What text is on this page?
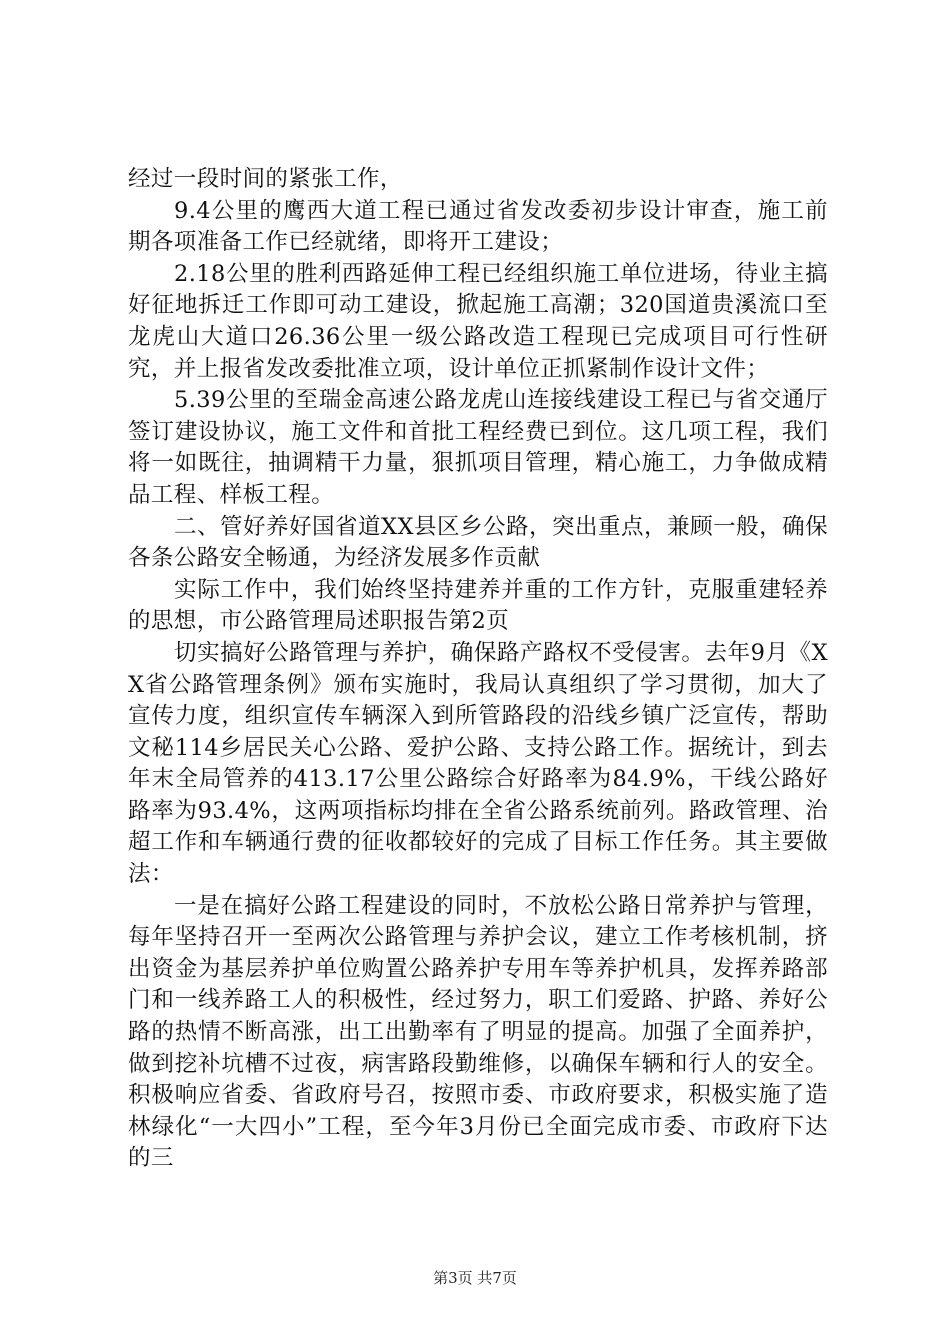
经过一段时间的紧张工作，

9.4公里的鹰西大道工程已通过省发改委初步设计审查，施工前期各项准备工作已经就绪，即将开工建设；

2.18公里的胜利西路延伸工程已经组织施工单位进场，待业主搞好征地拆迁工作即可动工建设，掀起施工高潮；320国道贵溪流口至龙虎山大道口26.36公里一级公路改造工程现已完成项目可行性研究，并上报省发改委批准立项，设计单位正抓紧制作设计文件；

5.39公里的至瑞金高速公路龙虎山连接线建设工程已与省交通厅签订建设协议，施工文件和首批工程经费已到位。这几项工程，我们将一如既往，抽调精干力量，狠抓项目管理，精心施工，力争做成精品工程、样板工程。

二、管好养好国省道XX县区乡公路，突出重点，兼顾一般，确保各条公路安全畅通，为经济发展多作贡献

实际工作中，我们始终坚持建养并重的工作方针，克服重建轻养的思想，市公路管理局述职报告第2页

切实搞好公路管理与养护，确保路产路权不受侵害。去年9月《XX省公路管理条例》颁布实施时，我局认真组织了学习贯彻，加大了宣传力度，组织宣传车辆深入到所管路段的沿线乡镇广泛宣传，帮助文秘114乡居民关心公路、爱护公路、支持公路工作。据统计，到去年末全局管养的413.17公里公路综合好路率为84.9%，干线公路好路率为93.4%，这两项指标均排在全省公路系统前列。路政管理、治超工作和车辆通行费的征收都较好的完成了目标工作任务。其主要做法：

一是在搞好公路工程建设的同时，不放松公路日常养护与管理，每年坚持召开一至两次公路管理与养护会议，建立工作考核机制，挤出资金为基层养护单位购置公路养护专用车等养护机具，发挥养路部门和一线养路工人的积极性，经过努力，职工们爱路、护路、养好公路的热情不断高涨，出工出勤率有了明显的提高。加强了全面养护，做到挖补坑槽不过夜，病害路段勤维修，以确保车辆和行人的安全。积极响应省委、省政府号召，按照市委、市政府要求，积极实施了造林绿化“一大四小”工程，至今年3月份已全面完成市委、市政府下达的三

第3页 共7页
